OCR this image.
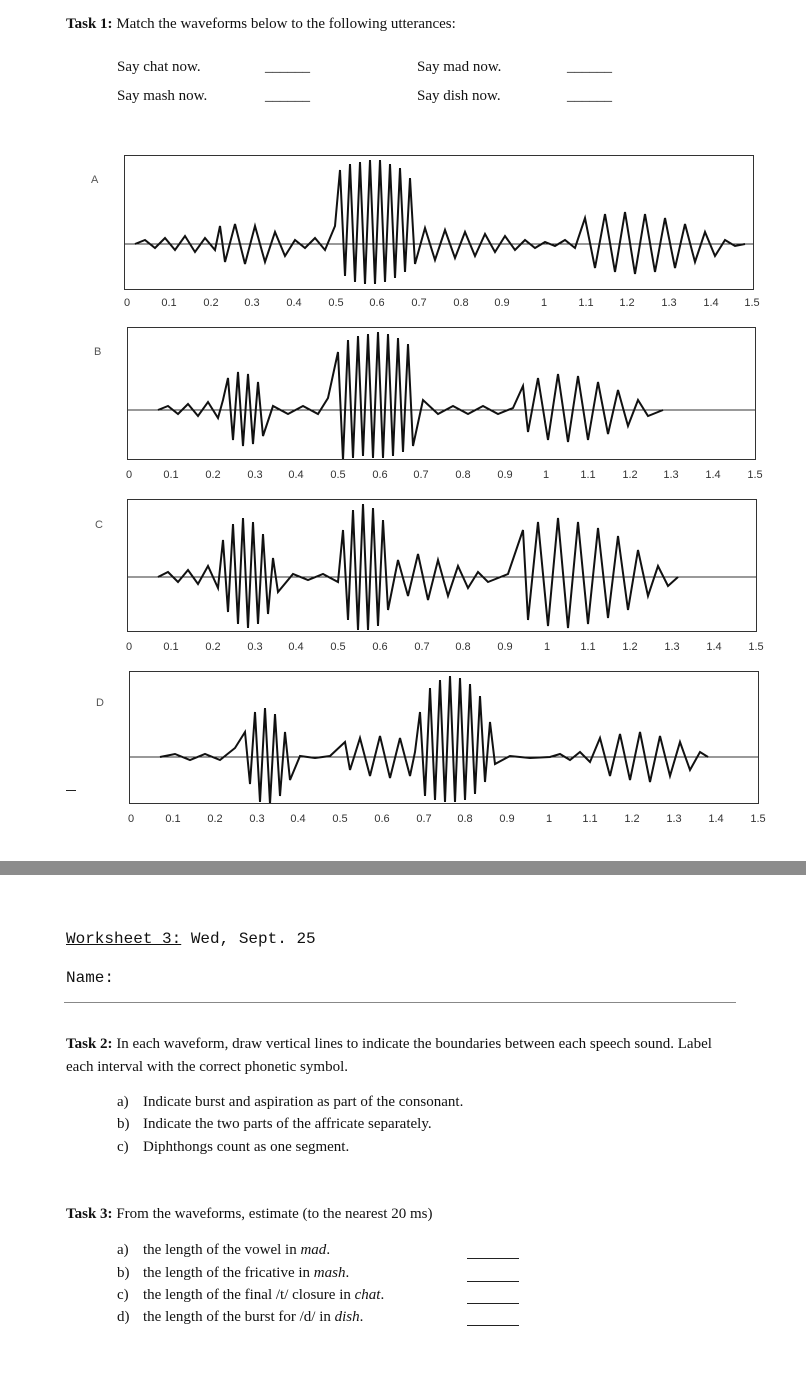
Task 1: Match the waveforms below to the following utterances:
Say chat now.	______	Say mad now.	______
Say mash now.	______	Say dish now.	______
A
0	0.1 0.2 0.3 0.4 0.5 0.6 0.7 0.8 0.9	1	1.1 1.2 1.3 1.4 1.5
B
0	0.1 0.2 0.3 0.4 0.5 0.6 0.7 0.8 0.9	1	1.1 1.2 1.3 1.4 1.5
C
0	0.1 0.2 0.3 0.4 0.5 0.6 0.7 0.8 0.9	1	1.1 1.2 1.3 1.4 1.5
D
0	0.1 0.2 0.3 0.4 0.5 0.6 0.7 0.8 0.9	1	1.1 1.2 1.3 1.4 1.5
Worksheet 3: Wed, Sept. 25
Name:
Task 2: In each waveform, draw vertical lines to indicate the boundaries between each speech sound. Label each interval with the correct phonetic symbol.
a) Indicate burst and aspiration as part of the consonant.
b) Indicate the two parts of the affricate separately.
c) Diphthongs count as one segment.
Task 3: From the waveforms, estimate (to the nearest 20 ms)
a) the length of the vowel in mad.
b) the length of the fricative in mash.
c) the length of the final /t/ closure in chat.
d) the length of the burst for /d/ in dish.
